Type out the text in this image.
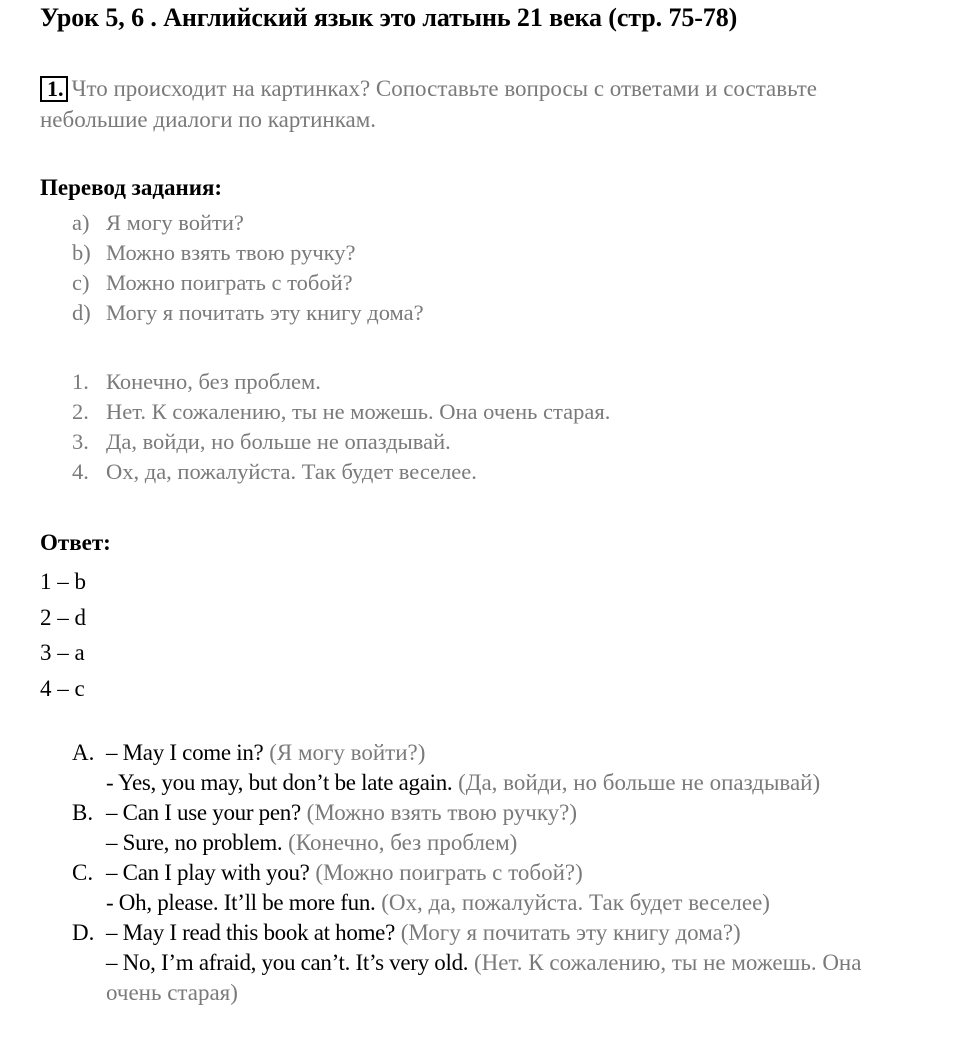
Урок 5, 6 . Английский язык это латынь 21 века (стр. 75-78)
1. Что происходит на картинках? Сопоставьте вопросы с ответами и составьте небольшие диалоги по картинкам.
Перевод задания:
a) Я могу войти?
b) Можно взять твою ручку?
c) Можно поиграть с тобой?
d) Могу я почитать эту книгу дома?
1. Конечно, без проблем.
2. Нет. К сожалению, ты не можешь. Она очень старая.
3. Да, войди, но больше не опаздывай.
4. Ох, да, пожалуйста. Так будет веселее.
Ответ:
1 – b
2 – d
3 – a
4 – c
A. – May I come in? (Я могу войти?)
- Yes, you may, but don’t be late again. (Да, войди, но больше не опаздывай)
B. – Can I use your pen? (Можно взять твою ручку?)
– Sure, no problem. (Конечно, без проблем)
C. – Can I play with you? (Можно поиграть с тобой?)
- Oh, please. It’ll be more fun. (Ох, да, пожалуйста. Так будет веселее)
D. – May I read this book at home? (Могу я почитать эту книгу дома?)
– No, I’m afraid, you can’t. It’s very old. (Нет. К сожалению, ты не можешь. Она очень старая)
